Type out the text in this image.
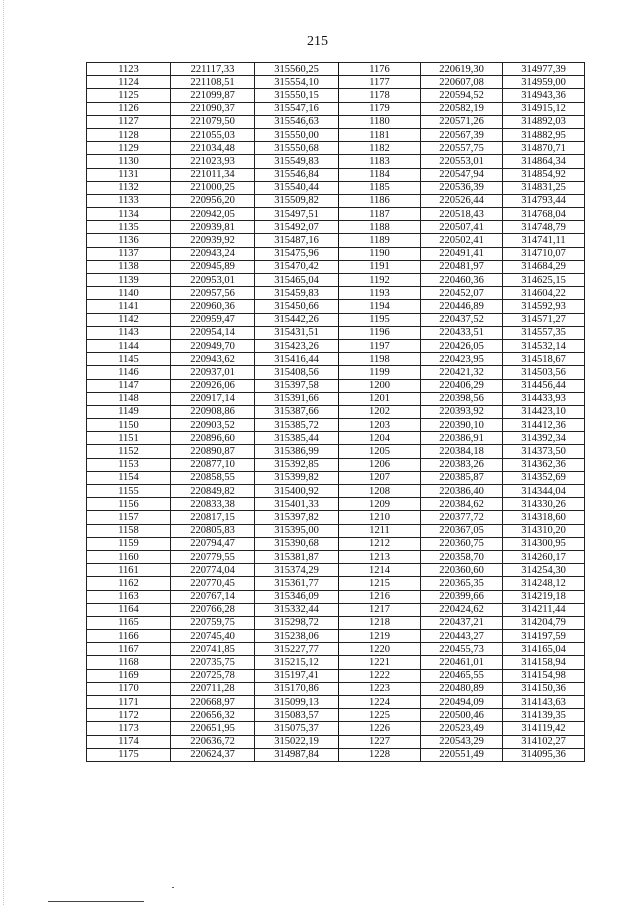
215
1123	221117,33	315560,25	1176	220619,30	314977,39
1124	221108,51	315554,10	1177	220607,08	314959,00
1125	221099,87	315550,15	1178	220594,52	314943,36
1126	221090,37	315547,16	1179	220582,19	314915,12
1127	221079,50	315546,63	1180	220571,26	314892,03
1128	221055,03	315550,00	1181	220567,39	314882,95
1129	221034,48	315550,68	1182	220557,75	314870,71
1130	221023,93	315549,83	1183	220553,01	314864,34
1131	221011,34	315546,84	1184	220547,94	314854,92
1132	221000,25	315540,44	1185	220536,39	314831,25
1133	220956,20	315509,82	1186	220526,44	314793,44
1134	220942,05	315497,51	1187	220518,43	314768,04
1135	220939,81	315492,07	1188	220507,41	314748,79
1136	220939,92	315487,16	1189	220502,41	314741,11
1137	220943,24	315475,96	1190	220491,41	314710,07
1138	220945,89	315470,42	1191	220481,97	314684,29
1139	220953,01	315465,04	1192	220460,36	314625,15
1140	220957,56	315459,83	1193	220452,07	314604,22
1141	220960,36	315450,66	1194	220446,89	314592,93
1142	220959,47	315442,26	1195	220437,52	314571,27
1143	220954,14	315431,51	1196	220433,51	314557,35
1144	220949,70	315423,26	1197	220426,05	314532,14
1145	220943,62	315416,44	1198	220423,95	314518,67
1146	220937,01	315408,56	1199	220421,32	314503,56
1147	220926,06	315397,58	1200	220406,29	314456,44
1148	220917,14	315391,66	1201	220398,56	314433,93
1149	220908,86	315387,66	1202	220393,92	314423,10
1150	220903,52	315385,72	1203	220390,10	314412,36
1151	220896,60	315385,44	1204	220386,91	314392,34
1152	220890,87	315386,99	1205	220384,18	314373,50
1153	220877,10	315392,85	1206	220383,26	314362,36
1154	220858,55	315399,82	1207	220385,87	314352,69
1155	220849,82	315400,92	1208	220386,40	314344,04
1156	220833,38	315401,33	1209	220384,62	314330,26
1157	220817,15	315397,82	1210	220377,72	314318,60
1158	220805,83	315395,00	1211	220367,05	314310,20
1159	220794,47	315390,68	1212	220360,75	314300,95
1160	220779,55	315381,87	1213	220358,70	314260,17
1161	220774,04	315374,29	1214	220360,60	314254,30
1162	220770,45	315361,77	1215	220365,35	314248,12
1163	220767,14	315346,09	1216	220399,66	314219,18
1164	220766,28	315332,44	1217	220424,62	314211,44
1165	220759,75	315298,72	1218	220437,21	314204,79
1166	220745,40	315238,06	1219	220443,27	314197,59
1167	220741,85	315227,77	1220	220455,73	314165,04
1168	220735,75	315215,12	1221	220461,01	314158,94
1169	220725,78	315197,41	1222	220465,55	314154,98
1170	220711,28	315170,86	1223	220480,89	314150,36
1171	220668,97	315099,13	1224	220494,09	314143,63
1172	220656,32	315083,57	1225	220500,46	314139,35
1173	220651,95	315075,37	1226	220523,49	314119,42
1174	220636,72	315022,19	1227	220543,29	314102,27
1175	220624,37	314987,84	1228	220551,49	314095,36
